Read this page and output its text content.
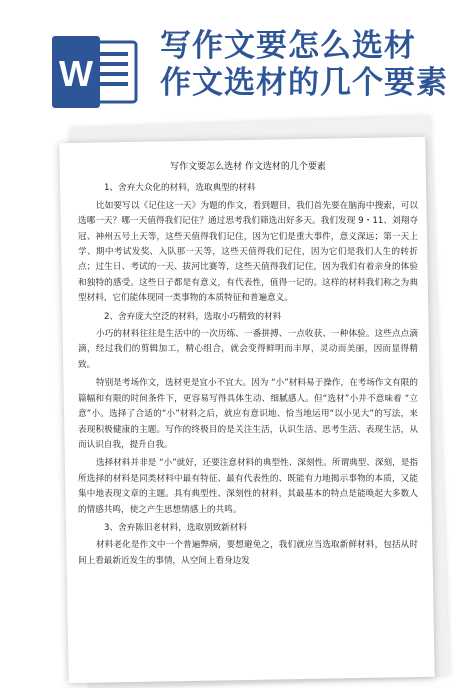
W
写作文要怎么选材
作文选材的几个要素
写作文要怎么选材 作文选材的几个要素
1、舍弃大众化的材料，选取典型的材料

比如要写以《记住这一天》为题的作文，看到题目，我们首先要在脑海中搜索，可以选哪一天？哪一天值得我们记住？通过思考我们筛选出好多天。我们发现 9・11、刘翔夺冠、神州五号上天等，这些天值得我们记住，因为它们是重大事件，意义深远；第一天上学、期中考试发奖、入队那一天等，这些天值得我们记住，因为它们是我们人生的转折点；过生日、考试的一天、拔河比赛等，这些天值得我们记住，因为我们有着亲身的体验和独特的感受。这些日子都是有意义，有代表性，值得一记的。这样的材料我们称之为典型材料，它们能体现同一类事物的本质特征和普遍意义。

2、舍弃庞大空泛的材料，选取小巧精致的材料

小巧的材料往往是生活中的一次历练、一番拼搏、一点收获、一种体验。这些点点滴滴，经过我们的剪辑加工，精心组合，就会变得鲜明而丰厚，灵动而美丽，因而显得精致。

特别是考场作文，选材更是宜小不宜大。因为 “小”材料易于操作，在考场作文有限的篇幅和有限的时间条件下，更容易写得具体生动、细腻感人。但“选材”小并不意味着 “立意”小。选择了合适的“小”材料之后，就应有意识地、恰当地运用“以小见大”的写法，来表现积极健康的主题。写作的终极目的是关注生活，认识生活、思考生活、表现生活，从而认识自我，提升自我。

选择材料并非是 “小”就好，还要注意材料的典型性、深刻性。所谓典型、深刻，是指所选择的材料是同类材料中最有特征、最有代表性的、既能有力地揭示事物的本质，又能集中地表现文章的主题。具有典型性、深刻性的材料，其最基本的特点是能唤起大多数人的情感共鸣，使之产生思想情感上的共鸣。

3、舍弃陈旧老材料，选取别致新材料

材料老化是作文中一个普遍弊病，要想避免之，我们就应当选取新鲜材料，包括从时间上看最新近发生的事情，从空间上看身边发
